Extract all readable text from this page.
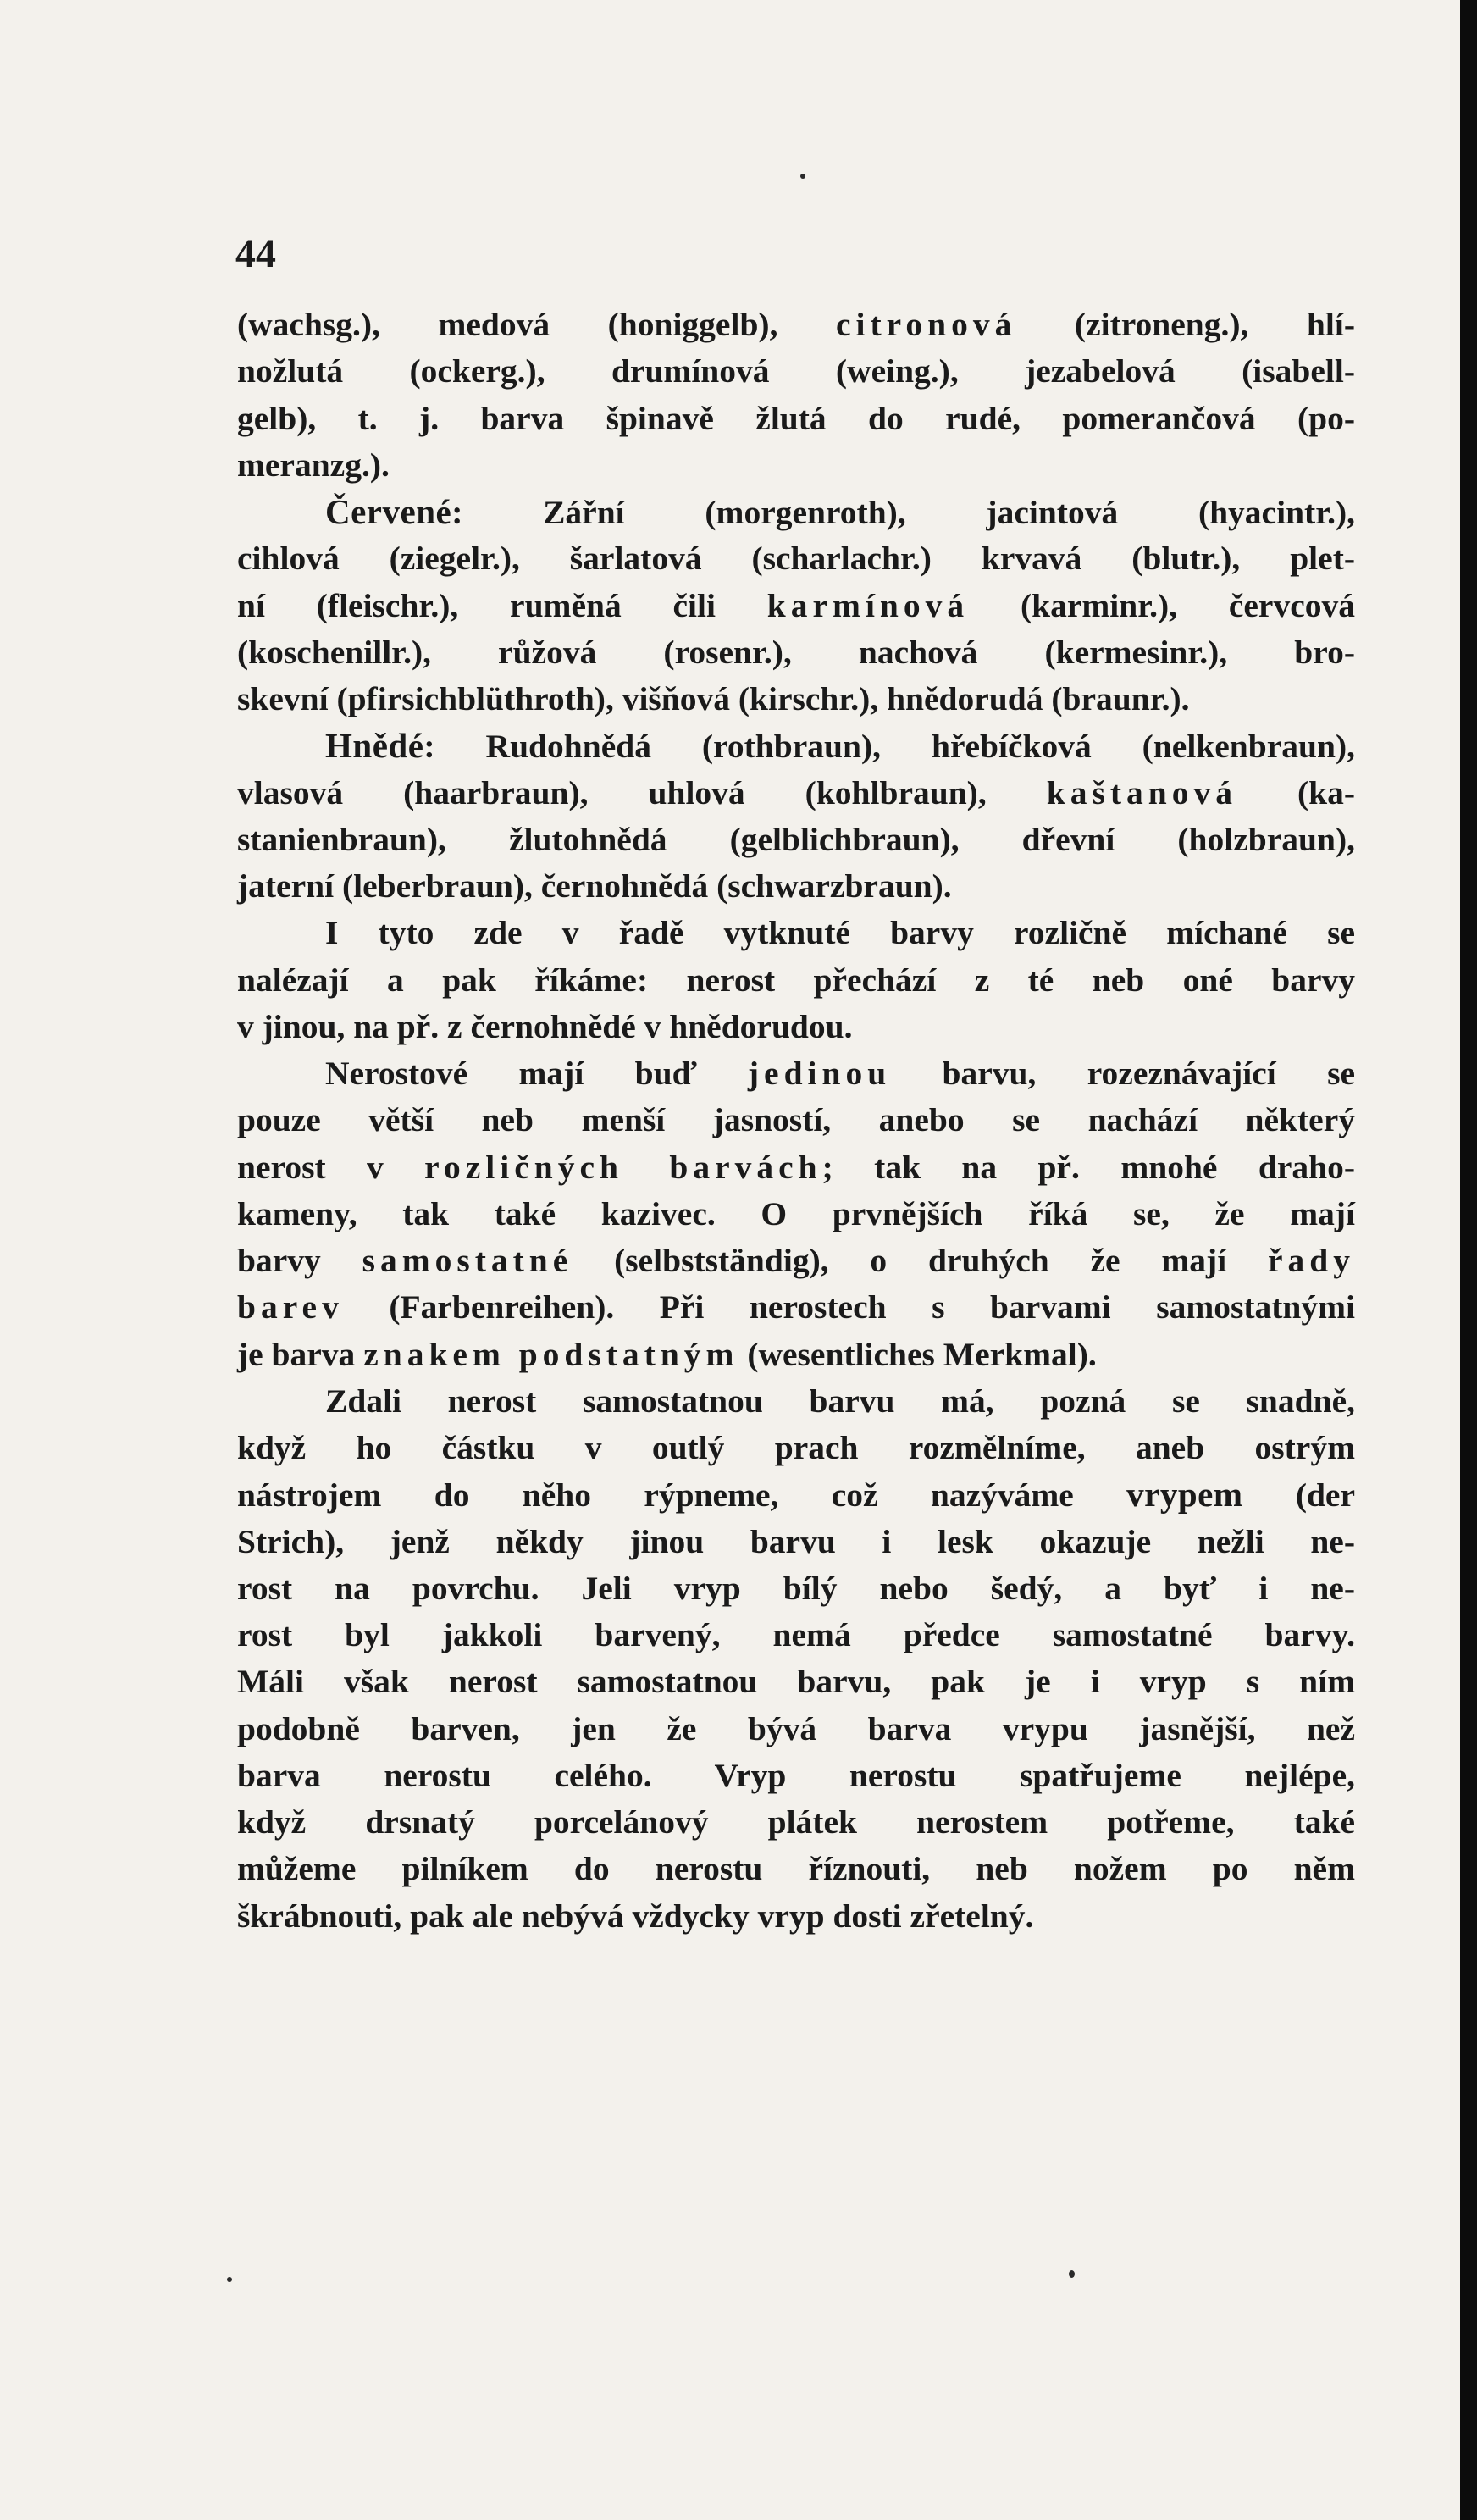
44
(wachsg.), medová (honiggelb), citronová (zitroneng.), hlí-
nožlutá (ockerg.), drumínová (weing.), jezabelová (isabell-
gelb), t. j. barva špinavě žlutá do rudé, pomerančová (po-
meranzg.).
Červené: Zářní (morgenroth), jacintová (hyacintr.),
cihlová (ziegelr.), šarlatová (scharlachr.) krvavá (blutr.), plet-
ní (fleischr.), ruměná čili karmínová (karminr.), červcová
(koschenillr.), růžová (rosenr.), nachová (kermesinr.), bro-
skevní (pfirsichblüthroth), višňová (kirschr.), hnědorudá (braunr.).
Hnědé: Rudohnědá (rothbraun), hřebíčková (nelkenbraun),
vlasová (haarbraun), uhlová (kohlbraun), kaštanová (ka-
stanienbraun), žlutohnědá (gelblichbraun), dřevní (holzbraun),
jaterní (leberbraun), černohnědá (schwarzbraun).
I tyto zde v řadě vytknuté barvy rozličně míchané se
nalézají a pak říkáme: nerost přechází z té neb oné barvy
v jinou, na př. z černohnědé v hnědorudou.
Nerostové mají buď jedinou barvu, rozeznávající se
pouze větší neb menší jasností, anebo se nachází některý
nerost v rozličných barvách; tak na př. mnohé draho-
kameny, tak také kazivec. O prvnějších říká se, že mají
barvy samostatné (selbstständig), o druhých že mají řady
barev (Farbenreihen). Při nerostech s barvami samostatnými
je barva znakem podstatným (wesentliches Merkmal).
Zdali nerost samostatnou barvu má, pozná se snadně,
když ho částku v outlý prach rozmělníme, aneb ostrým
nástrojem do něho rýpneme, což nazýváme vrypem (der
Strich), jenž někdy jinou barvu i lesk okazuje nežli ne-
rost na povrchu. Jeli vryp bílý nebo šedý, a byť i ne-
rost byl jakkoli barvený, nemá předce samostatné barvy.
Máli však nerost samostatnou barvu, pak je i vryp s ním
podobně barven, jen že bývá barva vrypu jasnější, než
barva nerostu celého. Vryp nerostu spatřujeme nejlépe,
když drsnatý porcelánový plátek nerostem potřeme, také
můžeme pilníkem do nerostu říznouti, neb nožem po něm
škrábnouti, pak ale nebývá vždycky vryp dosti zřetelný.
